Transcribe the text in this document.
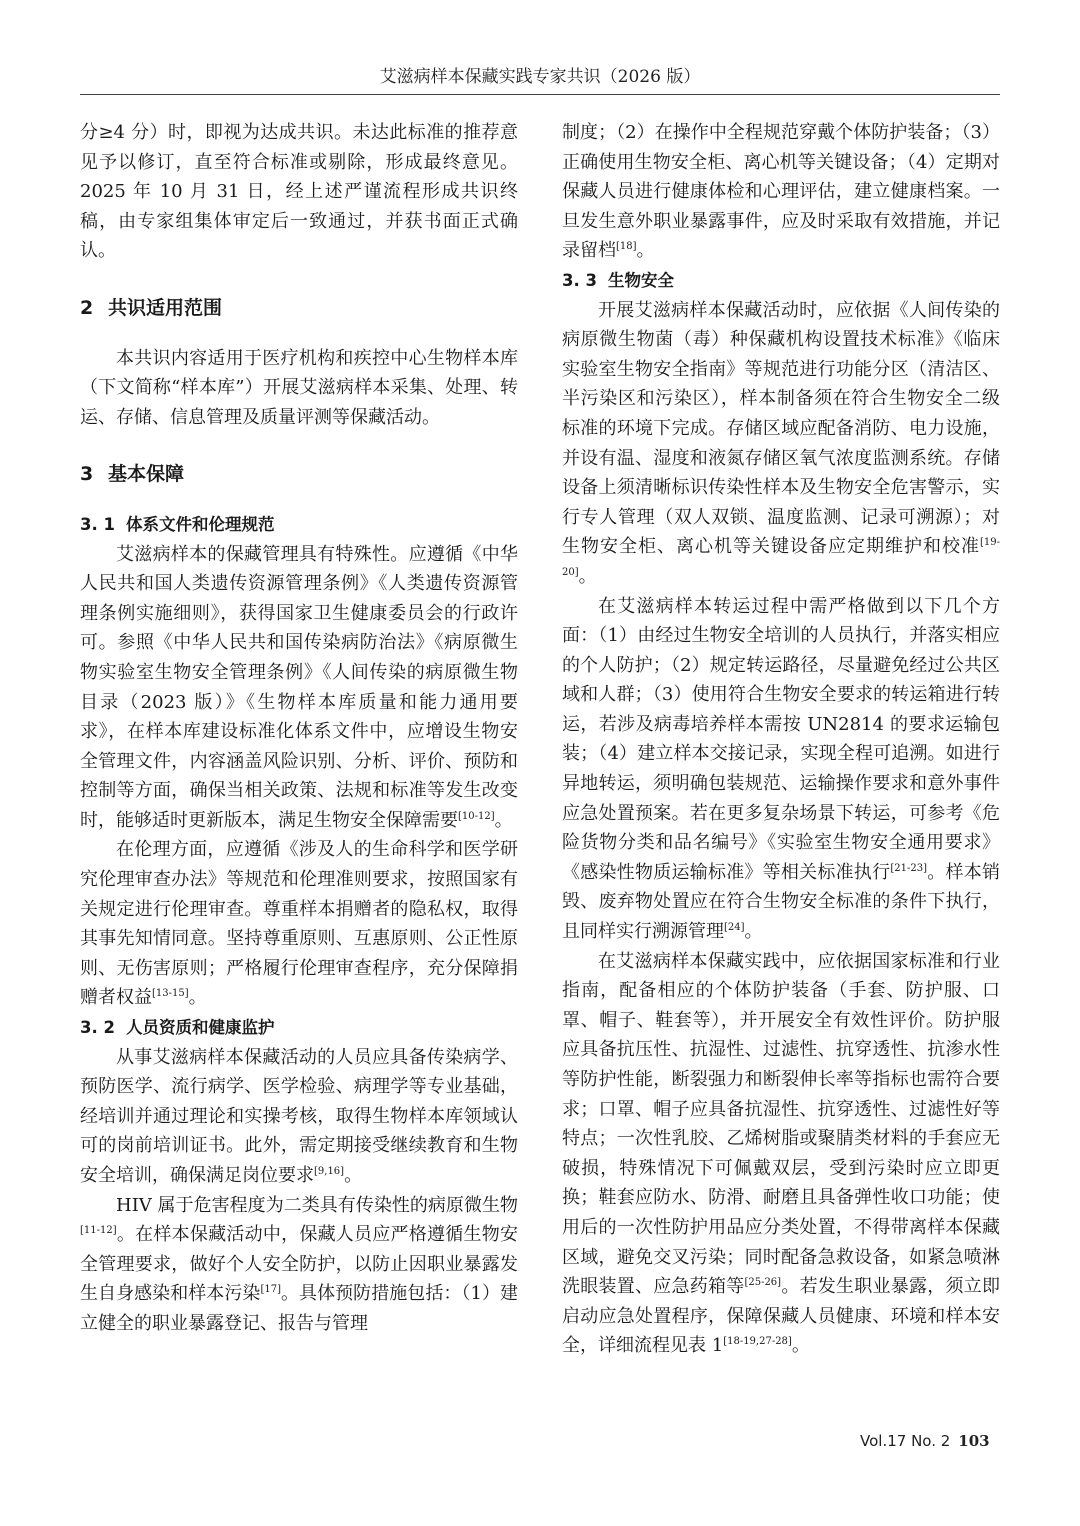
艾滋病样本保藏实践专家共识（2026 版）

分≥4 分）时，即视为达成共识。未达此标准的推荐意见予以修订，直至符合标准或剔除，形成最终意见。2025 年 10 月 31 日，经上述严谨流程形成共识终稿，由专家组集体审定后一致通过，并获书面正式确认。

2 共识适用范围

本共识内容适用于医疗机构和疾控中心生物样本库（下文简称“样本库”）开展艾滋病样本采集、处理、转运、存储、信息管理及质量评测等保藏活动。

3 基本保障
3. 1 体系文件和伦理规范

艾滋病样本的保藏管理具有特殊性。应遵循《中华人民共和国人类遗传资源管理条例》《人类遗传资源管理条例实施细则》，获得国家卫生健康委员会的行政许可。参照《中华人民共和国传染病防治法》《病原微生物实验室生物安全管理条例》《人间传染的病原微生物目录（2023 版）》《生物样本库质量和能力通用要求》，在样本库建设标准化体系文件中，应增设生物安全管理文件，内容涵盖风险识别、分析、评价、预防和控制等方面，确保当相关政策、法规和标准等发生改变时，能够适时更新版本，满足生物安全保障需要[10-12]。

在伦理方面，应遵循《涉及人的生命科学和医学研究伦理审查办法》等规范和伦理准则要求，按照国家有关规定进行伦理审查。尊重样本捐赠者的隐私权，取得其事先知情同意。坚持尊重原则、互惠原则、公正性原则、无伤害原则；严格履行伦理审查程序，充分保障捐赠者权益[13-15]。

3. 2 人员资质和健康监护

从事艾滋病样本保藏活动的人员应具备传染病学、预防医学、流行病学、医学检验、病理学等专业基础，经培训并通过理论和实操考核，取得生物样本库领域认可的岗前培训证书。此外，需定期接受继续教育和生物安全培训，确保满足岗位要求[9,16]。

HIV 属于危害程度为二类具有传染性的病原微生物[11-12]。在样本保藏活动中，保藏人员应严格遵循生物安全管理要求，做好个人安全防护，以防止因职业暴露发生自身感染和样本污染[17]。具体预防措施包括：（1）建立健全的职业暴露登记、报告与管理

制度；（2）在操作中全程规范穿戴个体防护装备；（3）正确使用生物安全柜、离心机等关键设备；（4）定期对保藏人员进行健康体检和心理评估，建立健康档案。一旦发生意外职业暴露事件，应及时采取有效措施，并记录留档[18]。

3. 3 生物安全

开展艾滋病样本保藏活动时，应依据《人间传染的病原微生物菌（毒）种保藏机构设置技术标准》《临床实验室生物安全指南》等规范进行功能分区（清洁区、半污染区和污染区），样本制备须在符合生物安全二级标准的环境下完成。存储区域应配备消防、电力设施，并设有温、湿度和液氮存储区氧气浓度监测系统。存储设备上须清晰标识传染性样本及生物安全危害警示，实行专人管理（双人双锁、温度监测、记录可溯源）；对生物安全柜、离心机等关键设备应定期维护和校准[19-20]。

在艾滋病样本转运过程中需严格做到以下几个方面：（1）由经过生物安全培训的人员执行，并落实相应的个人防护；（2）规定转运路径，尽量避免经过公共区域和人群；（3）使用符合生物安全要求的转运箱进行转运，若涉及病毒培养样本需按 UN2814 的要求运输包装；（4）建立样本交接记录，实现全程可追溯。如进行异地转运，须明确包装规范、运输操作要求和意外事件应急处置预案。若在更多复杂场景下转运，可参考《危险货物分类和品名编号》《实验室生物安全通用要求》《感染性物质运输标准》等相关标准执行[21-23]。样本销毁、废弃物处置应在符合生物安全标准的条件下执行，且同样实行溯源管理[24]。

在艾滋病样本保藏实践中，应依据国家标准和行业指南，配备相应的个体防护装备（手套、防护服、口罩、帽子、鞋套等），并开展安全有效性评价。防护服应具备抗压性、抗湿性、过滤性、抗穿透性、抗渗水性等防护性能，断裂强力和断裂伸长率等指标也需符合要求；口罩、帽子应具备抗湿性、抗穿透性、过滤性好等特点；一次性乳胶、乙烯树脂或聚腈类材料的手套应无破损，特殊情况下可佩戴双层，受到污染时应立即更换；鞋套应防水、防滑、耐磨且具备弹性收口功能；使用后的一次性防护用品应分类处置，不得带离样本保藏区域，避免交叉污染；同时配备急救设备，如紧急喷淋洗眼装置、应急药箱等[25-26]。若发生职业暴露，须立即启动应急处置程序，保障保藏人员健康、环境和样本安全，详细流程见表 1[18-19,27-28]。

Vol.17 No. 2 103
